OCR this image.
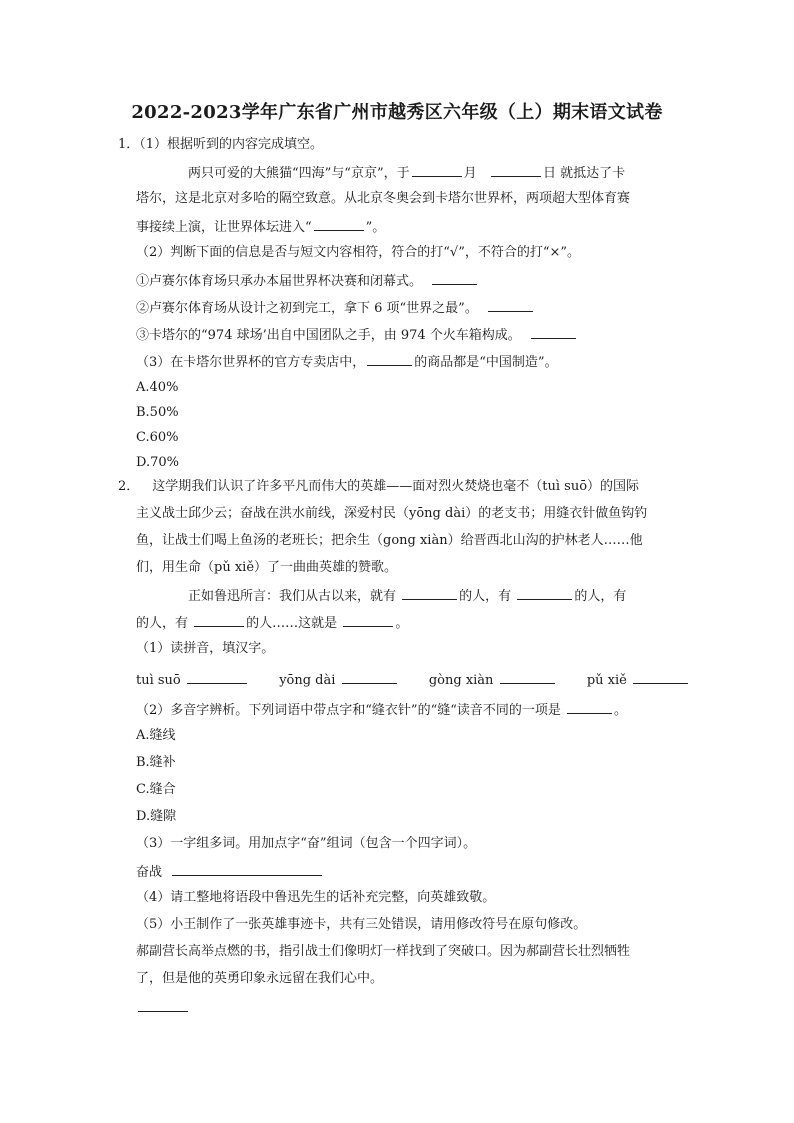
2022-2023学年广东省广州市越秀区六年级（上）期末语文试卷
1．（1）根据听到的内容完成填空。
两只可爱的大熊猫“四海”与“京京”，于	月	日 就抵达了卡
塔尔，这是北京对多哈的隔空致意。从北京冬奥会到卡塔尔世界杯，两项超大型体育赛
事接续上演，让世界体坛进入“	”。
（2）判断下面的信息是否与短文内容相符，符合的打“√”，不符合的打“×”。
①卢赛尔体育场只承办本届世界杯决赛和闭幕式。
②卢赛尔体育场从设计之初到完工，拿下 6 项“世界之最”。
③卡塔尔的“974 球场’出自中国团队之手，由 974 个火车箱构成。
（3）在卡塔尔世界杯的官方专卖店中，	的商品都是“中国制造”。
A.40%
B.50%
C.60%
D.70%
2． 这学期我们认识了许多平凡而伟大的英雄——面对烈火焚烧也毫不（tuì suō）的国际
主义战士邱少云；奋战在洪水前线，深爱村民（yōng dài）的老支书；用缝衣针做鱼钩钓
鱼，让战士们喝上鱼汤的老班长；把余生（gong xiàn）给晋西北山沟的护林老人……他
们，用生命（pǔ xiě）了一曲曲英雄的赞歌。
正如鲁迅所言：我们从古以来，就有	的人，有	的人，有
的人，有	的人……这就是	。
（1）读拼音，填汉字。
tuì suō	yōng dài	gòng xiàn	pǔ xiě
（2）多音字辨析。下列词语中带点字和“缝衣针”的“缝“读音不同的一项是	。
A.缝线
B.缝补
C.缝合
D.缝隙
（3）一字组多词。用加点字“奋”组词（包含一个四字词）。
奋战
（4）请工整地将语段中鲁迅先生的话补充完整，向英雄致敬。
（5）小王制作了一张英雄事迹卡，共有三处错误，请用修改符号在原句修改。
郝副营长高举点燃的书，指引战士们像明灯一样找到了突破口。因为郝副营长壮烈牺牲
了，但是他的英勇印象永远留在我们心中。
